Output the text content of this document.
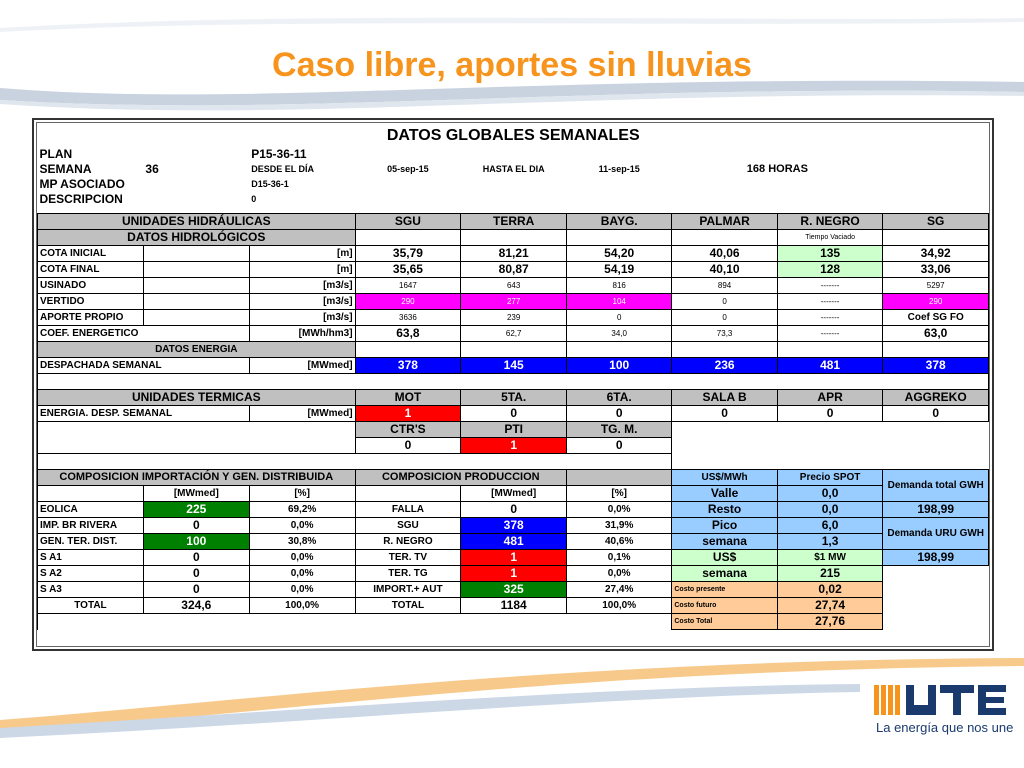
Caso libre, aportes sin lluvias
		DATOS GLOBALES SEMANALES						
PLAN		P15-36-11						
SEMANA	36	DESDE EL DÍA	05-sep-15	HASTA EL DIA	11-sep-15	168 HORAS		
MP ASOCIADO		D15-36-1						
DESCRIPCION		0						

UNIDADES HIDRÁULICAS			SGU	TERRA	BAYG.	PALMAR	R. NEGRO	SG
DATOS HIDROLÓGICOS							Tiempo Vaciado	
COTA INICIAL		[m]	35,79	81,21	54,20	40,06	135	34,92
COTA FINAL		[m]	35,65	80,87	54,19	40,10	128	33,06
USINADO		[m3/s]	1647	643	816	894	-------	5297
VERTIDO		[m3/s]	290	277	104	0	-------	290
APORTE PROPIO		[m3/s]	3636	239	0	0	-------	Coef SG FO
COEF. ENERGETICO		[MWh/hm3]	63,8	62,7	34,0	73,3	-------	63,0
DATOS ENERGIA								
DESPACHADA SEMANAL		[MWmed]	378	145	100	236	481	378

UNIDADES TERMICAS			MOT	5TA.	6TA.	SALA B	APR	AGGREKO
ENERGIA. DESP. SEMANAL		[MWmed]	1	0	0	0	0	0
			CTR'S	PTI	TG. M.			
			0	1	0			

COMPOSICION IMPORTACIÓN Y GEN. DISTRIBUIDA			COMPOSICION PRODUCCION			US$/MWh	Precio SPOT	Demanda total GWH
	[MWmed]	[%]		[MWmed]	[%]	Valle	0,0	
EOLICA	225	69,2%	FALLA	0	0,0%	Resto	0,0	198,99
IMP. BR RIVERA	0	0,0%	SGU	378	31,9%	Pico	6,0	Demanda URU GWH
GEN. TER. DIST.	100	30,8%	R. NEGRO	481	40,6%	semana	1,3	
S A1	0	0,0%	TER. TV	1	0,1%	US$	$1 MW	198,99
S A2	0	0,0%	TER. TG	1	0,0%	semana	215	
S A3	0	0,0%	IMPORT.+ AUT	325	27,4%	Costo presente	0,02	
TOTAL	324,6	100,0%	TOTAL	1184	100,0%	Costo futuro	27,74	
						Costo Total	27,76	
La energía que nos une
